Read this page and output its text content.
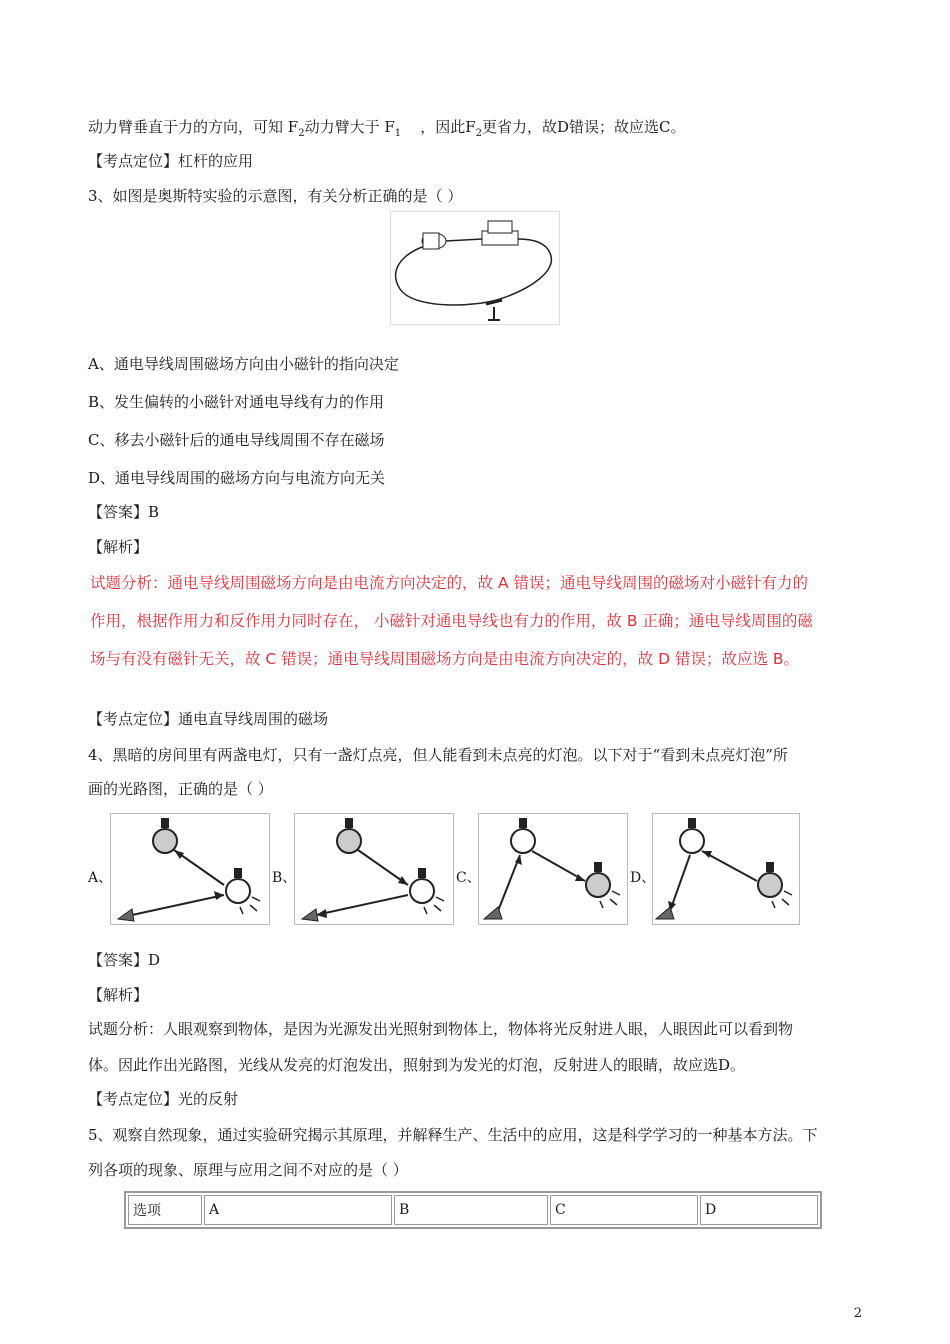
动力臂垂直于力的方向，可知 $F_2$动力臂大于 $F_1$ ，因此$F_2$更省力，故D错误；故应选C。
【考点定位】杠杆的应用
3、如图是奥斯特实验的示意图，有关分析正确的是（ ）
A、通电导线周围磁场方向由小磁针的指向决定
B、发生偏转的小磁针对通电导线有力的作用
C、移去小磁针后的通电导线周围不存在磁场
D、通电导线周围的磁场方向与电流方向无关
【答案】B
【解析】
试题分析：通电导线周围磁场方向是由电流方向决定的，故 A 错误；通电导线周围的磁场对小磁针有力的
作用，根据作用力和反作用力同时存在， 小磁针对通电导线也有力的作用，故 B 正确；通电导线周围的磁
场与有没有磁针无关，故 C 错误；通电导线周围磁场方向是由电流方向决定的，故 D 错误；故应选 B。
【考点定位】通电直导线周围的磁场
4、黑暗的房间里有两盏电灯，只有一盏灯点亮，但人能看到未点亮的灯泡。以下对于“看到未点亮灯泡”所
画的光路图，正确的是（ ）
A、	B、	C、	D、
【答案】D
【解析】
试题分析：人眼观察到物体，是因为光源发出光照射到物体上，物体将光反射进人眼，人眼因此可以看到物
体。因此作出光路图，光线从发亮的灯泡发出，照射到为发光的灯泡，反射进人的眼睛，故应选D。
【考点定位】光的反射
5、观察自然现象，通过实验研究揭示其原理，并解释生产、生活中的应用，这是科学学习的一种基本方法。下
列各项的现象、原理与应用之间不对应的是（ ）
选项	A	B	C	D
2
